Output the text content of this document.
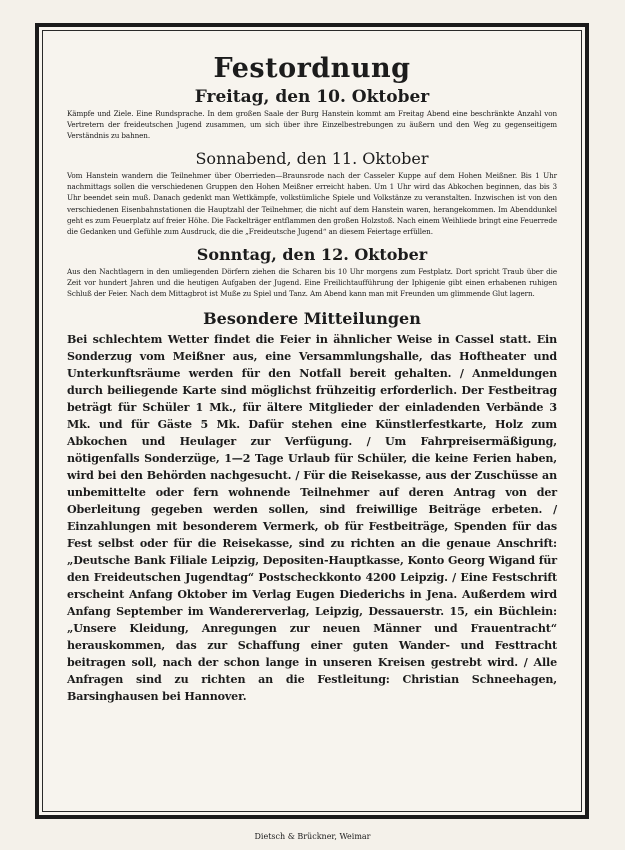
Festordnung
Freitag, den 10. Oktober

Kämpfe und Ziele. Eine Rundsprache. In dem großen Saale der Burg Hanstein kommt am Freitag Abend eine beschränkte Anzahl von Vertretern der freideutschen Jugend zusammen, um sich über ihre Einzelbestrebungen zu äußern und den Weg zu gegenseitigem Verständnis zu bahnen.

Sonnabend, den 11. Oktober

Vom Hanstein wandern die Teilnehmer über Oberrieden—Braunsrode nach der Casseler Kuppe auf dem Hohen Meißner. Bis 1 Uhr nachmittags sollen die verschiedenen Gruppen den Hohen Meißner erreicht haben. Um 1 Uhr wird das Abkochen beginnen, das bis 3 Uhr beendet sein muß. Danach gedenkt man Wettkämpfe, volkstümliche Spiele und Volkstänze zu veranstalten. Inzwischen ist von den verschiedenen Eisenbahnstationen die Hauptzahl der Teilnehmer, die nicht auf dem Hanstein waren, herangekommen. Im Abenddunkel geht es zum Feuerplatz auf freier Höhe. Die Fackelträger entflammen den großen Holzstoß. Nach einem Weihliede bringt eine Feuerrede die Gedanken und Gefühle zum Ausdruck, die die „Freideutsche Jugend“ an diesem Feiertage erfüllen.

Sonntag, den 12. Oktober

Aus den Nachtlagern in den umliegenden Dörfern ziehen die Scharen bis 10 Uhr morgens zum Festplatz. Dort spricht Traub über die Zeit vor hundert Jahren und die heutigen Aufgaben der Jugend. Eine Freilichtaufführung der Iphigenie gibt einen erhabenen ruhigen Schluß der Feier. Nach dem Mittagbrot ist Muße zu Spiel und Tanz. Am Abend kann man mit Freunden um glimmende Glut lagern.

Besondere Mitteilungen

Bei schlechtem Wetter findet die Feier in ähnlicher Weise in Cassel statt. Ein Sonderzug vom Meißner aus, eine Versammlungshalle, das Hoftheater und Unterkunftsräume werden für den Notfall bereit gehalten. / Anmeldungen durch beiliegende Karte sind möglichst frühzeitig erforderlich. Der Festbeitrag beträgt für Schüler 1 Mk., für ältere Mitglieder der einladenden Verbände 3 Mk. und für Gäste 5 Mk. Dafür stehen eine Künstlerfestkarte, Holz zum Abkochen und Heulager zur Verfügung. / Um Fahrpreisermäßigung, nötigenfalls Sonderzüge, 1—2 Tage Urlaub für Schüler, die keine Ferien haben, wird bei den Behörden nachgesucht. / Für die Reisekasse, aus der Zuschüsse an unbemittelte oder fern wohnende Teilnehmer auf deren Antrag von der Oberleitung gegeben werden sollen, sind freiwillige Beiträge erbeten. / Einzahlungen mit besonderem Vermerk, ob für Festbeiträge, Spenden für das Fest selbst oder für die Reisekasse, sind zu richten an die genaue Anschrift: „Deutsche Bank Filiale Leipzig, Depositen-Hauptkasse, Konto Georg Wigand für den Freideutschen Jugendtag“ Postscheckkonto 4200 Leipzig. / Eine Festschrift erscheint Anfang Oktober im Verlag Eugen Diederichs in Jena. Außerdem wird Anfang September im Wandererverlag, Leipzig, Dessauerstr. 15, ein Büchlein: „Unsere Kleidung, Anregungen zur neuen Männer und Frauentracht“ herauskommen, das zur Schaffung einer guten Wander- und Festtracht beitragen soll, nach der schon lange in unseren Kreisen gestrebt wird. / Alle Anfragen sind zu richten an die Festleitung: Christian Schneehagen, Barsinghausen bei Hannover.

Dietsch & Brückner, Weimar
